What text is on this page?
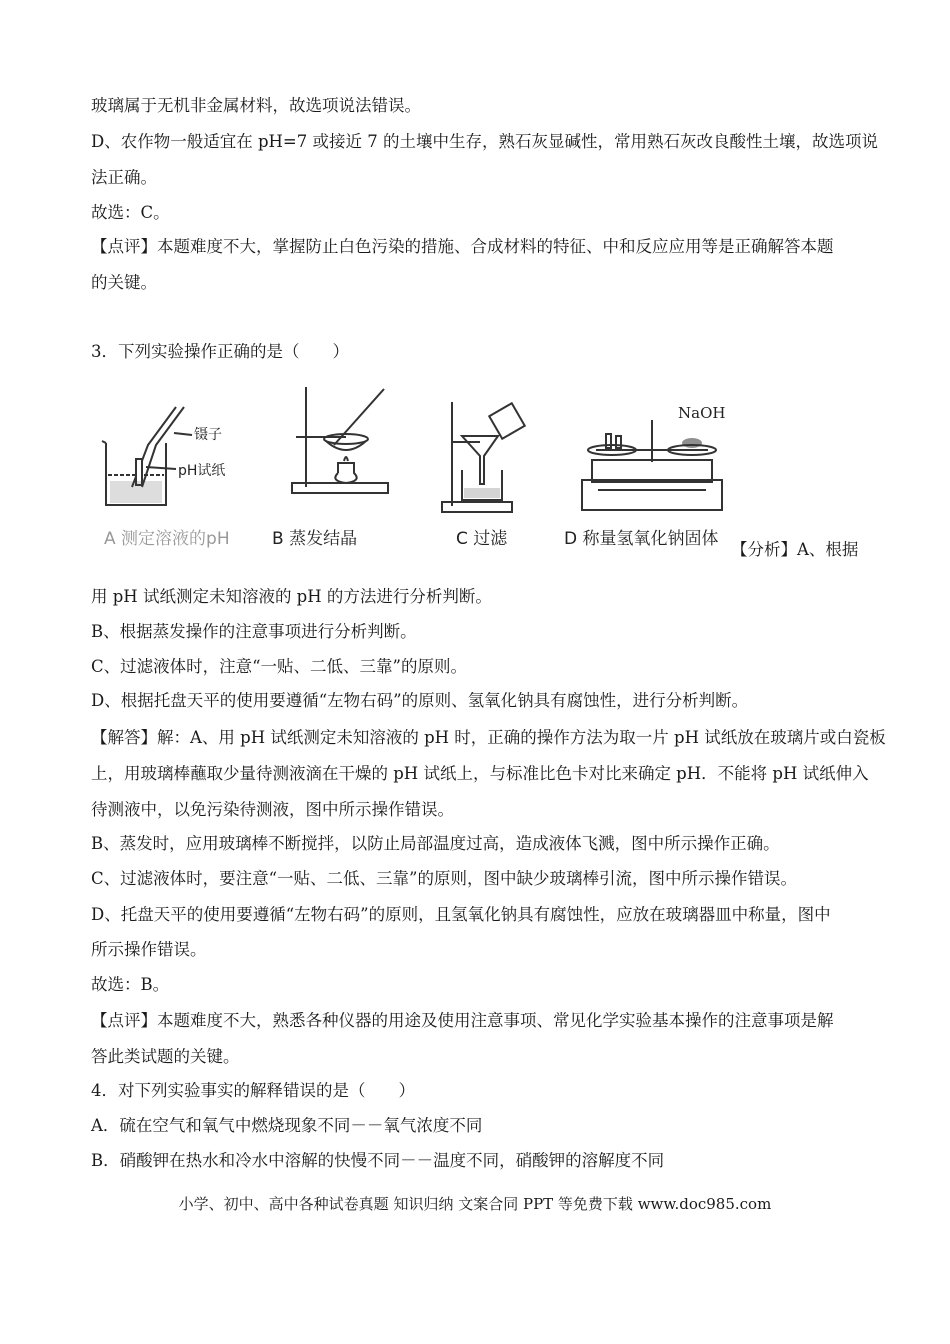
玻璃属于无机非金属材料，故选项说法错误。
D、农作物一般适宜在 pH=7 或接近 7 的土壤中生存，熟石灰显碱性，常用熟石灰改良酸性土壤，故选项说
法正确。
故选：C。
【点评】本题难度不大，掌握防止白色污染的措施、合成材料的特征、中和反应应用等是正确解答本题
的关键。
3．下列实验操作正确的是（　　）
镊子
pH试纸
NaOH
A 测定溶液的pH B 蒸发结晶	C 过滤	D 称量氢氧化钠固体
【分析】A、根据
用 pH 试纸测定未知溶液的 pH 的方法进行分析判断。
B、根据蒸发操作的注意事项进行分析判断。
C、过滤液体时，注意“一贴、二低、三靠”的原则。
D、根据托盘天平的使用要遵循“左物右码”的原则、氢氧化钠具有腐蚀性，进行分析判断。
【解答】解：A、用 pH 试纸测定未知溶液的 pH 时，正确的操作方法为取一片 pH 试纸放在玻璃片或白瓷板
上，用玻璃棒蘸取少量待测液滴在干燥的 pH 试纸上，与标准比色卡对比来确定 pH．不能将 pH 试纸伸入
待测液中，以免污染待测液，图中所示操作错误。
B、蒸发时，应用玻璃棒不断搅拌，以防止局部温度过高，造成液体飞溅，图中所示操作正确。
C、过滤液体时，要注意“一贴、二低、三靠”的原则，图中缺少玻璃棒引流，图中所示操作错误。
D、托盘天平的使用要遵循“左物右码”的原则，且氢氧化钠具有腐蚀性，应放在玻璃器皿中称量，图中
所示操作错误。
故选：B。
【点评】本题难度不大，熟悉各种仪器的用途及使用注意事项、常见化学实验基本操作的注意事项是解
答此类试题的关键。
4．对下列实验事实的解释错误的是（　　）
A．硫在空气和氧气中燃烧现象不同－－氧气浓度不同
B．硝酸钾在热水和冷水中溶解的快慢不同－－温度不同，硝酸钾的溶解度不同
小学、初中、高中各种试卷真题 知识归纳 文案合同 PPT 等免费下载 www.doc985.com
